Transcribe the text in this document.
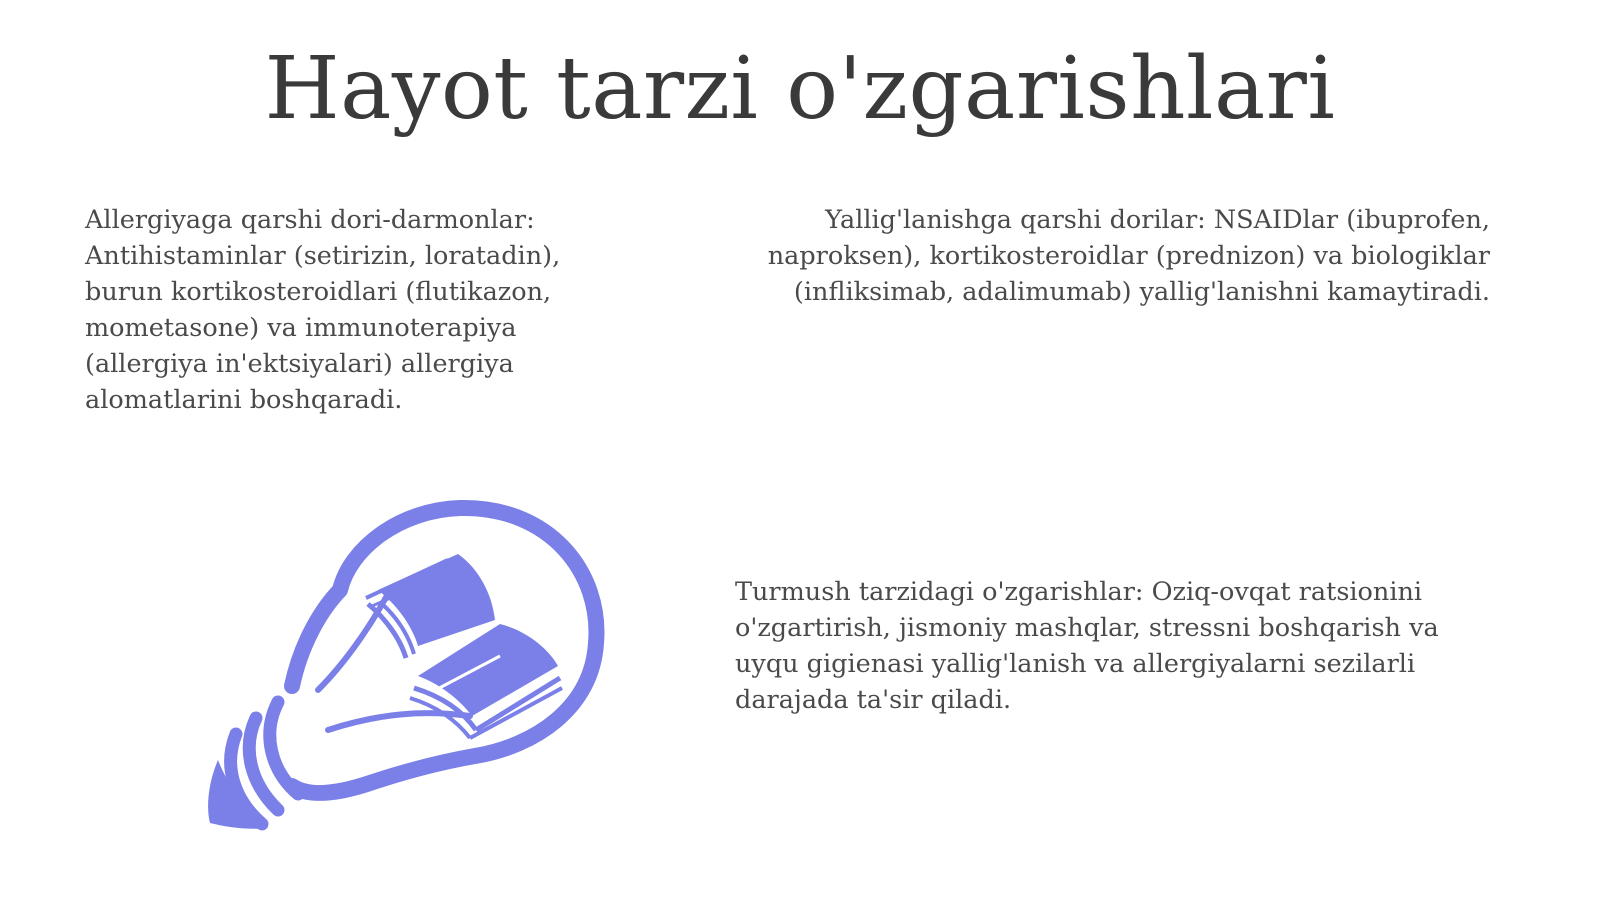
Hayot tarzi o'zgarishlari

Allergiyaga qarshi dori-darmonlar: Antihistaminlar (setirizin, loratadin), burun kortikosteroidlari (flutikazon, mometasone) va immunoterapiya (allergiya in'ektsiyalari) allergiya alomatlarini boshqaradi.

Yallig'lanishga qarshi dorilar: NSAIDlar (ibuprofen, naproksen), kortikosteroidlar (prednizon) va biologiklar (infliksimab, adalimumab) yallig'lanishni kamaytiradi.

Turmush tarzidagi o'zgarishlar: Oziq-ovqat ratsionini o'zgartirish, jismoniy mashqlar, stressni boshqarish va uyqu gigienasi yallig'lanish va allergiyalarni sezilarli darajada ta'sir qiladi.
